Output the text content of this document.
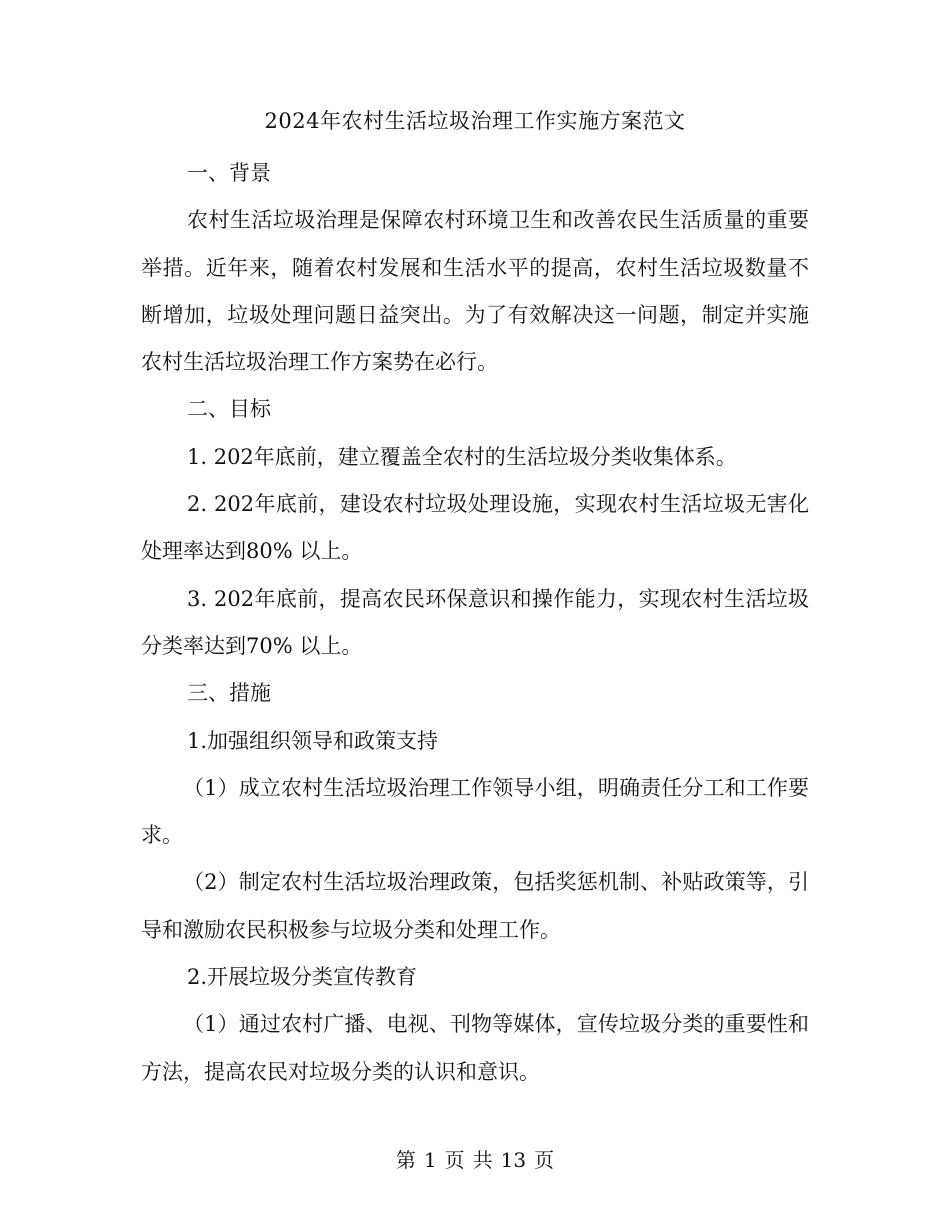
2024年农村生活垃圾治理工作实施方案范文

一、背景

农村生活垃圾治理是保障农村环境卫生和改善农民生活质量的重要举措。近年来，随着农村发展和生活水平的提高，农村生活垃圾数量不断增加，垃圾处理问题日益突出。为了有效解决这一问题，制定并实施农村生活垃圾治理工作方案势在必行。

二、目标

1. 202年底前，建立覆盖全农村的生活垃圾分类收集体系。

2. 202年底前，建设农村垃圾处理设施，实现农村生活垃圾无害化处理率达到80% 以上。

3. 202年底前，提高农民环保意识和操作能力，实现农村生活垃圾分类率达到70% 以上。

三、措施

1.加强组织领导和政策支持

（1）成立农村生活垃圾治理工作领导小组，明确责任分工和工作要求。

（2）制定农村生活垃圾治理政策，包括奖惩机制、补贴政策等，引导和激励农民积极参与垃圾分类和处理工作。

2.开展垃圾分类宣传教育

（1）通过农村广播、电视、刊物等媒体，宣传垃圾分类的重要性和方法，提高农民对垃圾分类的认识和意识。

第 1 页 共 13 页
